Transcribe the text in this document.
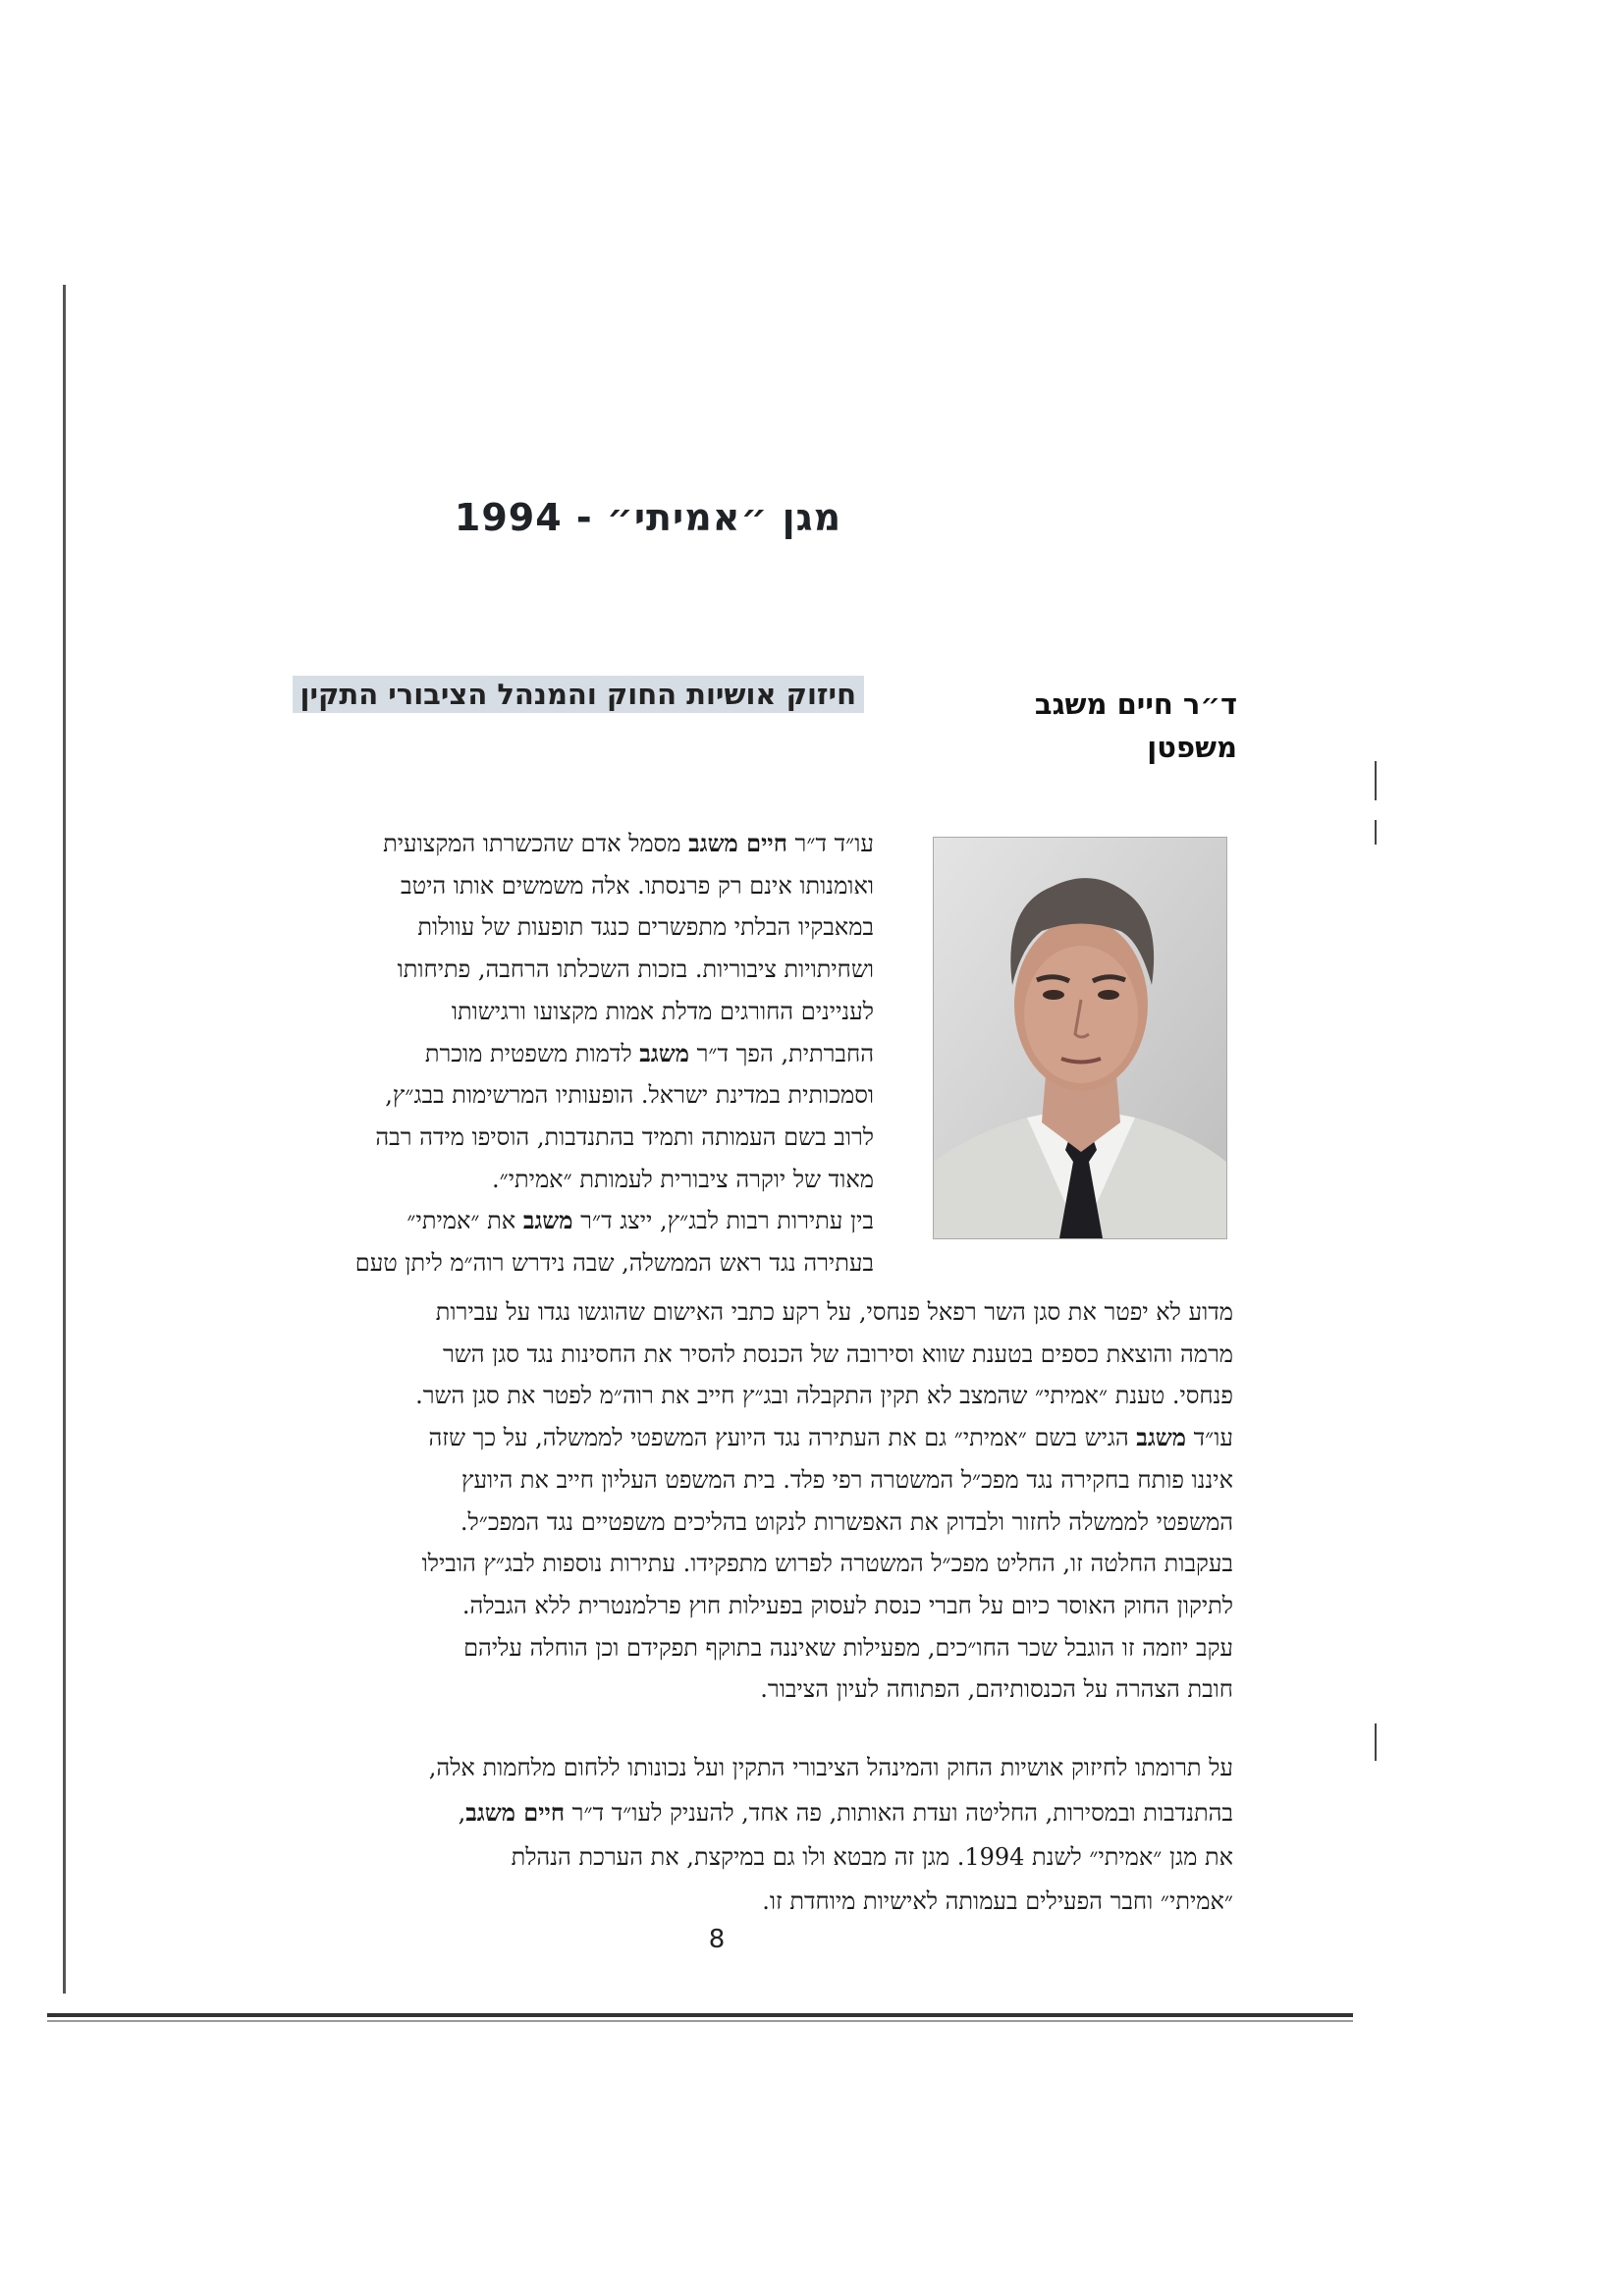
מגן ״אמיתי״ - 1994
ד״ר חיים משגב
משפטן
חיזוק אושיות החוק והמנהל הציבורי התקין
עו״ד ד״ר חיים משגב מסמל אדם שהכשרתו המקצועית
ואומנותו אינם רק פרנסתו. אלה משמשים אותו היטב
במאבקיו הבלתי מתפשרים כנגד תופעות של עוולות
ושחיתויות ציבוריות. בזכות השכלתו הרחבה, פתיחותו
לעניינים החורגים מדלת אמות מקצועו ורגישותו
החברתית, הפך ד״ר משגב לדמות משפטית מוכרת
וסמכותית במדינת ישראל. הופעותיו המרשימות בבג״ץ,
לרוב בשם העמותה ותמיד בהתנדבות, הוסיפו מידה רבה
מאוד של יוקרה ציבורית לעמותת ״אמיתי״.
בין עתירות רבות לבג״ץ, ייצג ד״ר משגב את ״אמיתי״
בעתירה נגד ראש הממשלה, שבה נידרש רוה״מ ליתן טעם
מדוע לא יפטר את סגן השר רפאל פנחסי, על רקע כתבי האישום שהוגשו נגדו על עבירות
מרמה והוצאת כספים בטענת שווא וסירובה של הכנסת להסיר את החסינות נגד סגן השר
פנחסי. טענת ״אמיתי״ שהמצב לא תקין התקבלה ובג״ץ חייב את רוה״מ לפטר את סגן השר.
עו״ד משגב הגיש בשם ״אמיתי״ גם את העתירה נגד היועץ המשפטי לממשלה, על כך שזה
איננו פותח בחקירה נגד מפכ״ל המשטרה רפי פלד. בית המשפט העליון חייב את היועץ
המשפטי לממשלה לחזור ולבדוק את האפשרות לנקוט בהליכים משפטיים נגד המפכ״ל.
בעקבות החלטה זו, החליט מפכ״ל המשטרה לפרוש מתפקידו. עתירות נוספות לבג״ץ הובילו
לתיקון החוק האוסר כיום על חברי כנסת לעסוק בפעילות חוץ פרלמנטרית ללא הגבלה.
עקב יוזמה זו הוגבל שכר החו״כים, מפעילות שאיננה בתוקף תפקידם וכן הוחלה עליהם
חובת הצהרה על הכנסותיהם, הפתוחה לעיון הציבור.
על תרומתו לחיזוק אושיות החוק והמינהל הציבורי התקין ועל נכונותו ללחום מלחמות אלה,
בהתנדבות ובמסירות, החליטה ועדת האותות, פה אחד, להעניק לעו״ד ד״ר חיים משגב,
את מגן ״אמיתי״ לשנת 1994. מגן זה מבטא ולו גם במיקצת, את הערכת הנהלת
״אמיתי״ וחבר הפעילים בעמותה לאישיות מיוחדת זו.
8
